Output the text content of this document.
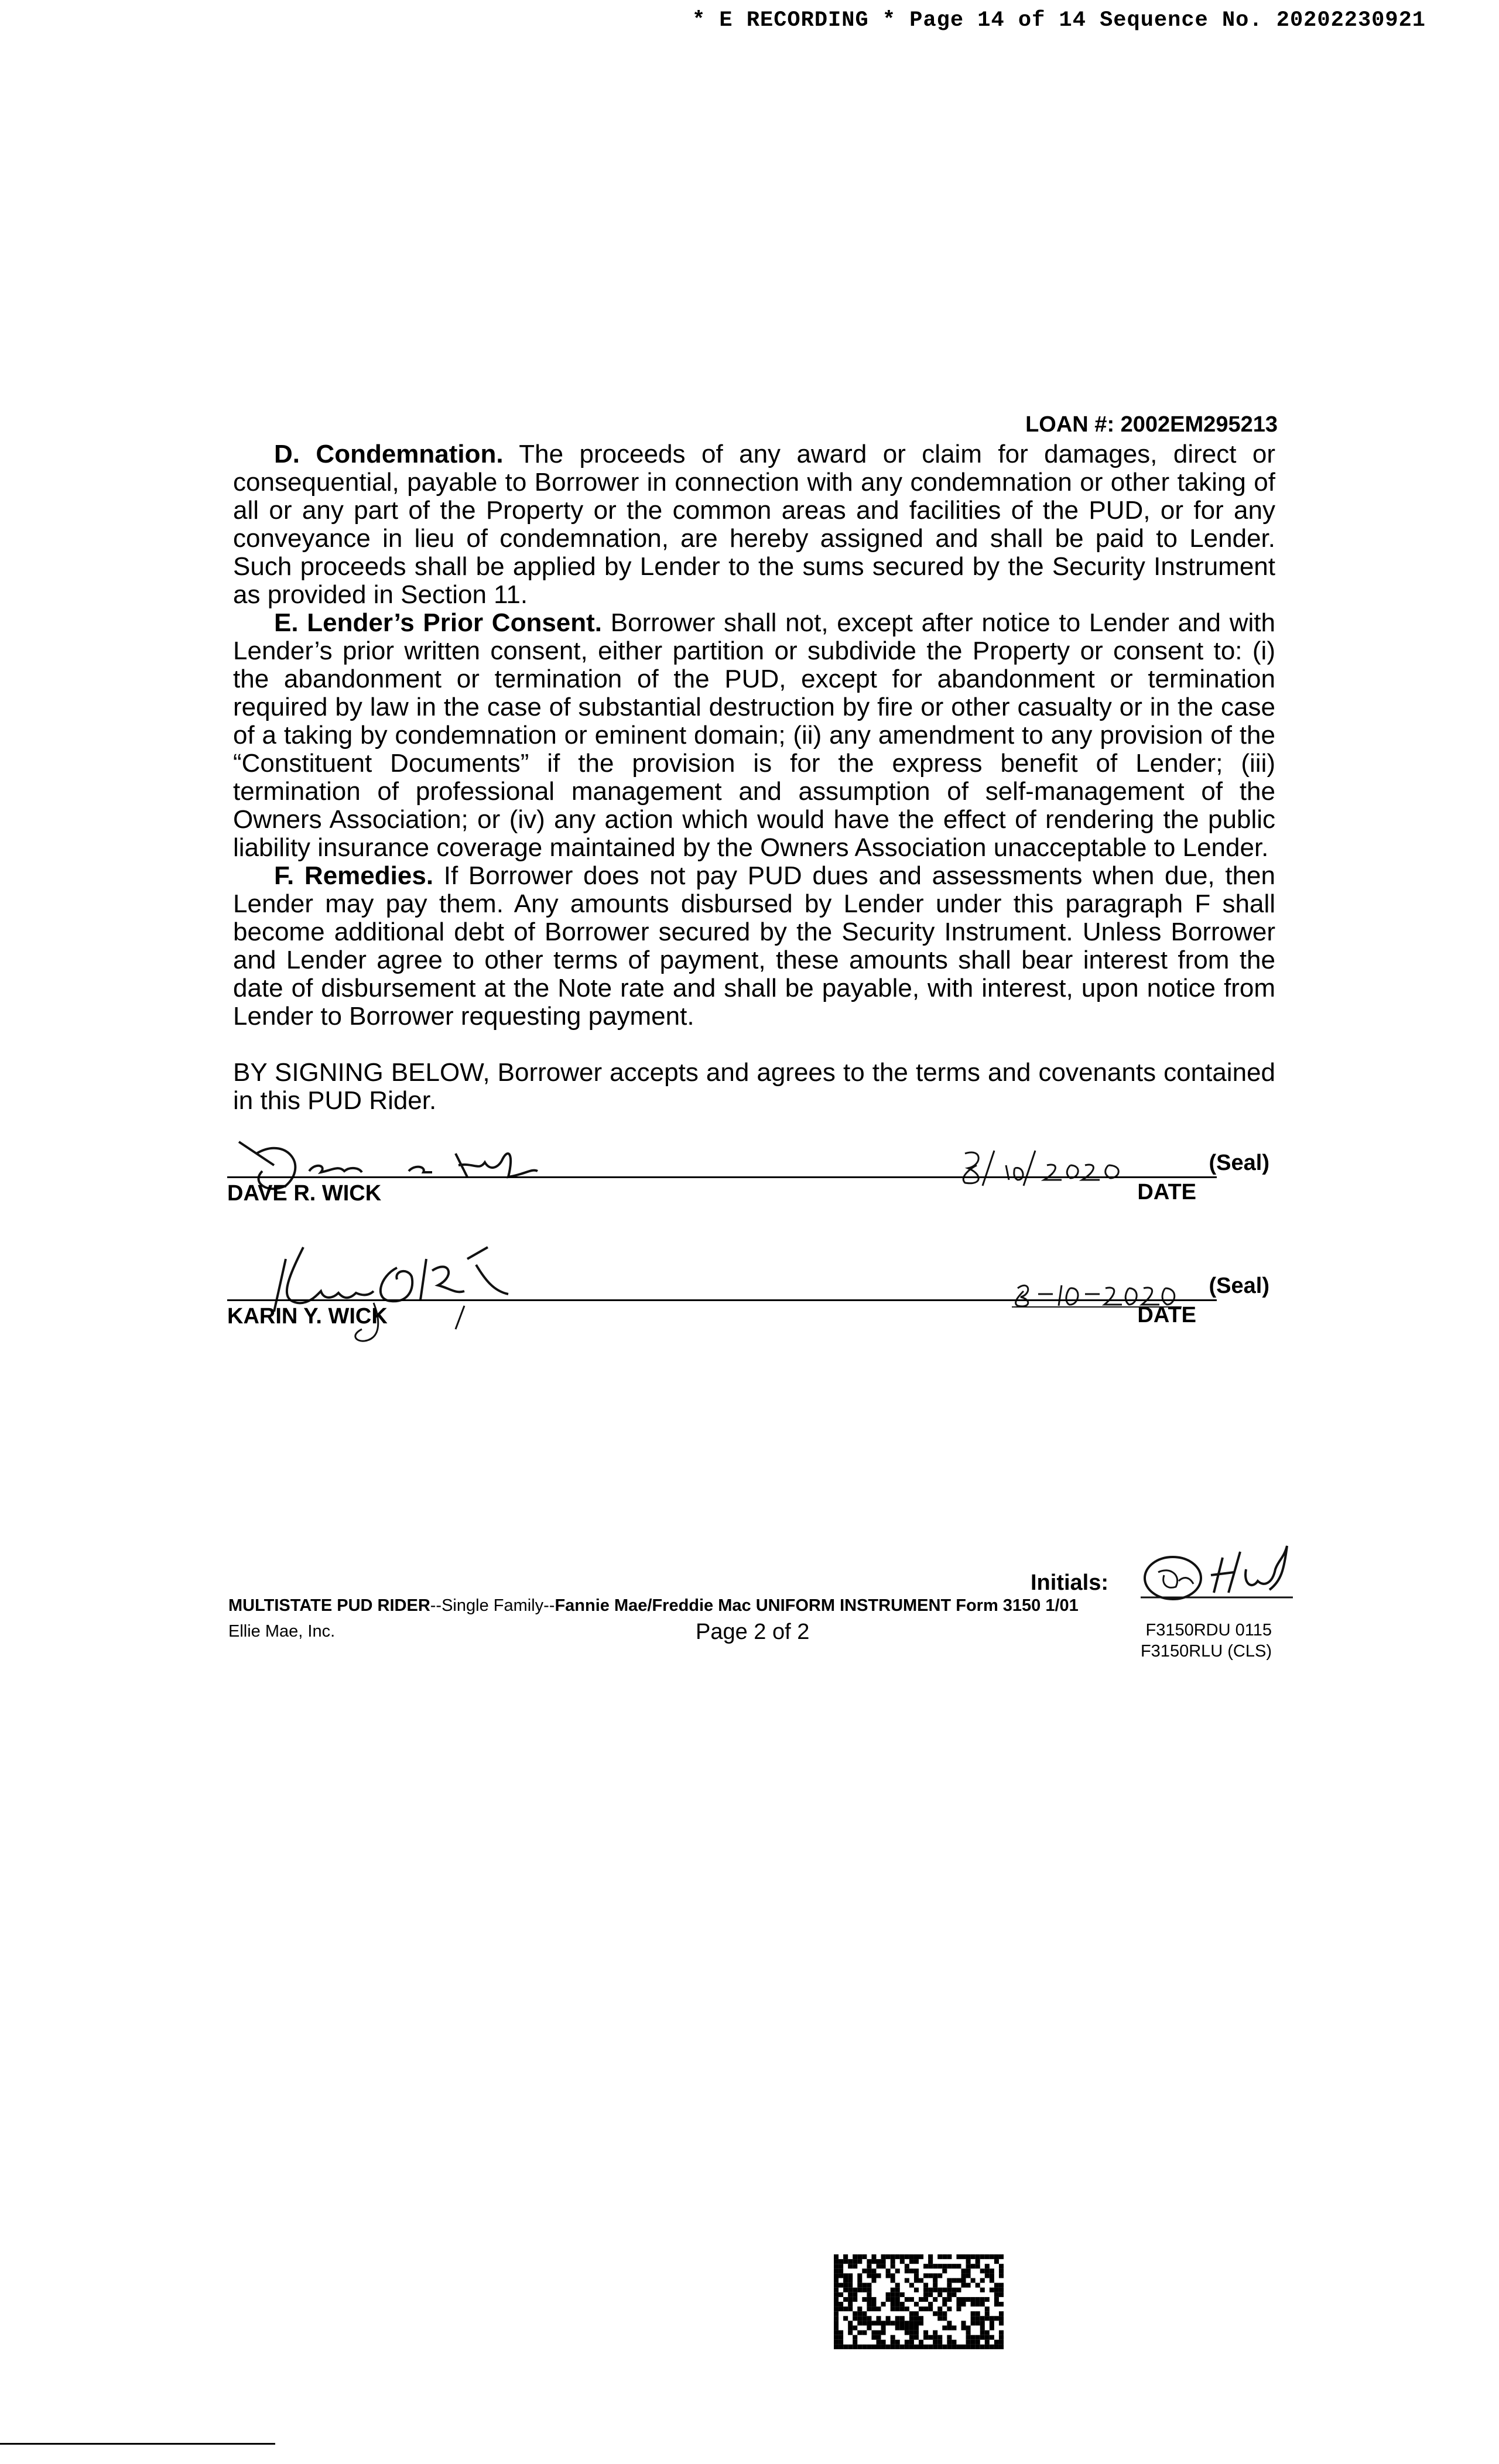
* E RECORDING * Page 14 of 14 Sequence No. 20202230921
LOAN #: 2002EM295213

D. Condemnation. The proceeds of any award or claim for damages, direct or consequential, payable to Borrower in connection with any condemnation or other taking of all or any part of the Property or the common areas and facilities of the PUD, or for any conveyance in lieu of condemnation, are hereby assigned and shall be paid to Lender. Such proceeds shall be applied by Lender to the sums secured by the Security Instrument as provided in Section 11.

E. Lender’s Prior Consent. Borrower shall not, except after notice to Lender and with Lender’s prior written consent, either partition or subdivide the Property or consent to: (i) the abandonment or termination of the PUD, except for abandonment or termination required by law in the case of substantial destruction by fire or other casualty or in the case of a taking by condemnation or eminent domain; (ii) any amendment to any provision of the “Constituent Documents” if the provision is for the express benefit of Lender; (iii) termination of professional management and assumption of self-management of the Owners Association; or (iv) any action which would have the effect of rendering the public liability insurance coverage maintained by the Owners Association unacceptable to Lender.

F. Remedies. If Borrower does not pay PUD dues and assessments when due, then Lender may pay them. Any amounts disbursed by Lender under this paragraph F shall become additional debt of Borrower secured by the Security Instrument. Unless Borrower and Lender agree to other terms of payment, these amounts shall bear interest from the date of disbursement at the Note rate and shall be payable, with interest, upon notice from Lender to Borrower requesting payment.

BY SIGNING BELOW, Borrower accepts and agrees to the terms and covenants contained in this PUD Rider.

DAVE R. WICK
(Seal)
DATE
KARIN Y. WICK
(Seal)
DATE
Initials:
MULTISTATE PUD RIDER--Single Family--Fannie Mae/Freddie Mac UNIFORM INSTRUMENT Form 3150 1/01
Ellie Mae, Inc.	Page 2 of 2	F3150RDU 0115
F3150RLU (CLS)
